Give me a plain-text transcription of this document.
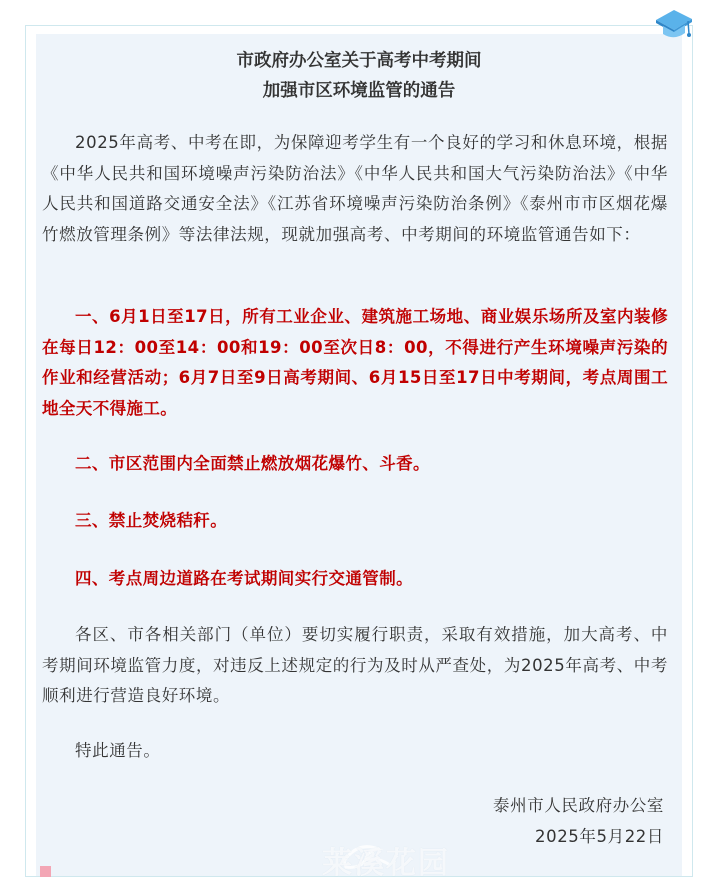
市政府办公室关于高考中考期间
加强市区环境监管的通告

2025年高考、中考在即，为保障迎考学生有一个良好的学习和休息环境，根据《中华人民共和国环境噪声污染防治法》《中华人民共和国大气污染防治法》《中华人民共和国道路交通安全法》《江苏省环境噪声污染防治条例》《泰州市市区烟花爆竹燃放管理条例》等法律法规，现就加强高考、中考期间的环境监管通告如下：

一、6月1日至17日，所有工业企业、建筑施工场地、商业娱乐场所及室内装修在每日12：00至14：00和19：00至次日8：00，不得进行产生环境噪声污染的作业和经营活动；6月7日至9日高考期间、6月15日至17日中考期间，考点周围工地全天不得施工。

二、市区范围内全面禁止燃放烟花爆竹、斗香。

三、禁止焚烧秸秆。

四、考点周边道路在考试期间实行交通管制。

各区、市各相关部门（单位）要切实履行职责，采取有效措施，加大高考、中考期间环境监管力度，对违反上述规定的行为及时从严查处，为2025年高考、中考顺利进行营造良好环境。

特此通告。

泰州市人民政府办公室
2025年5月22日
莱溪花园
